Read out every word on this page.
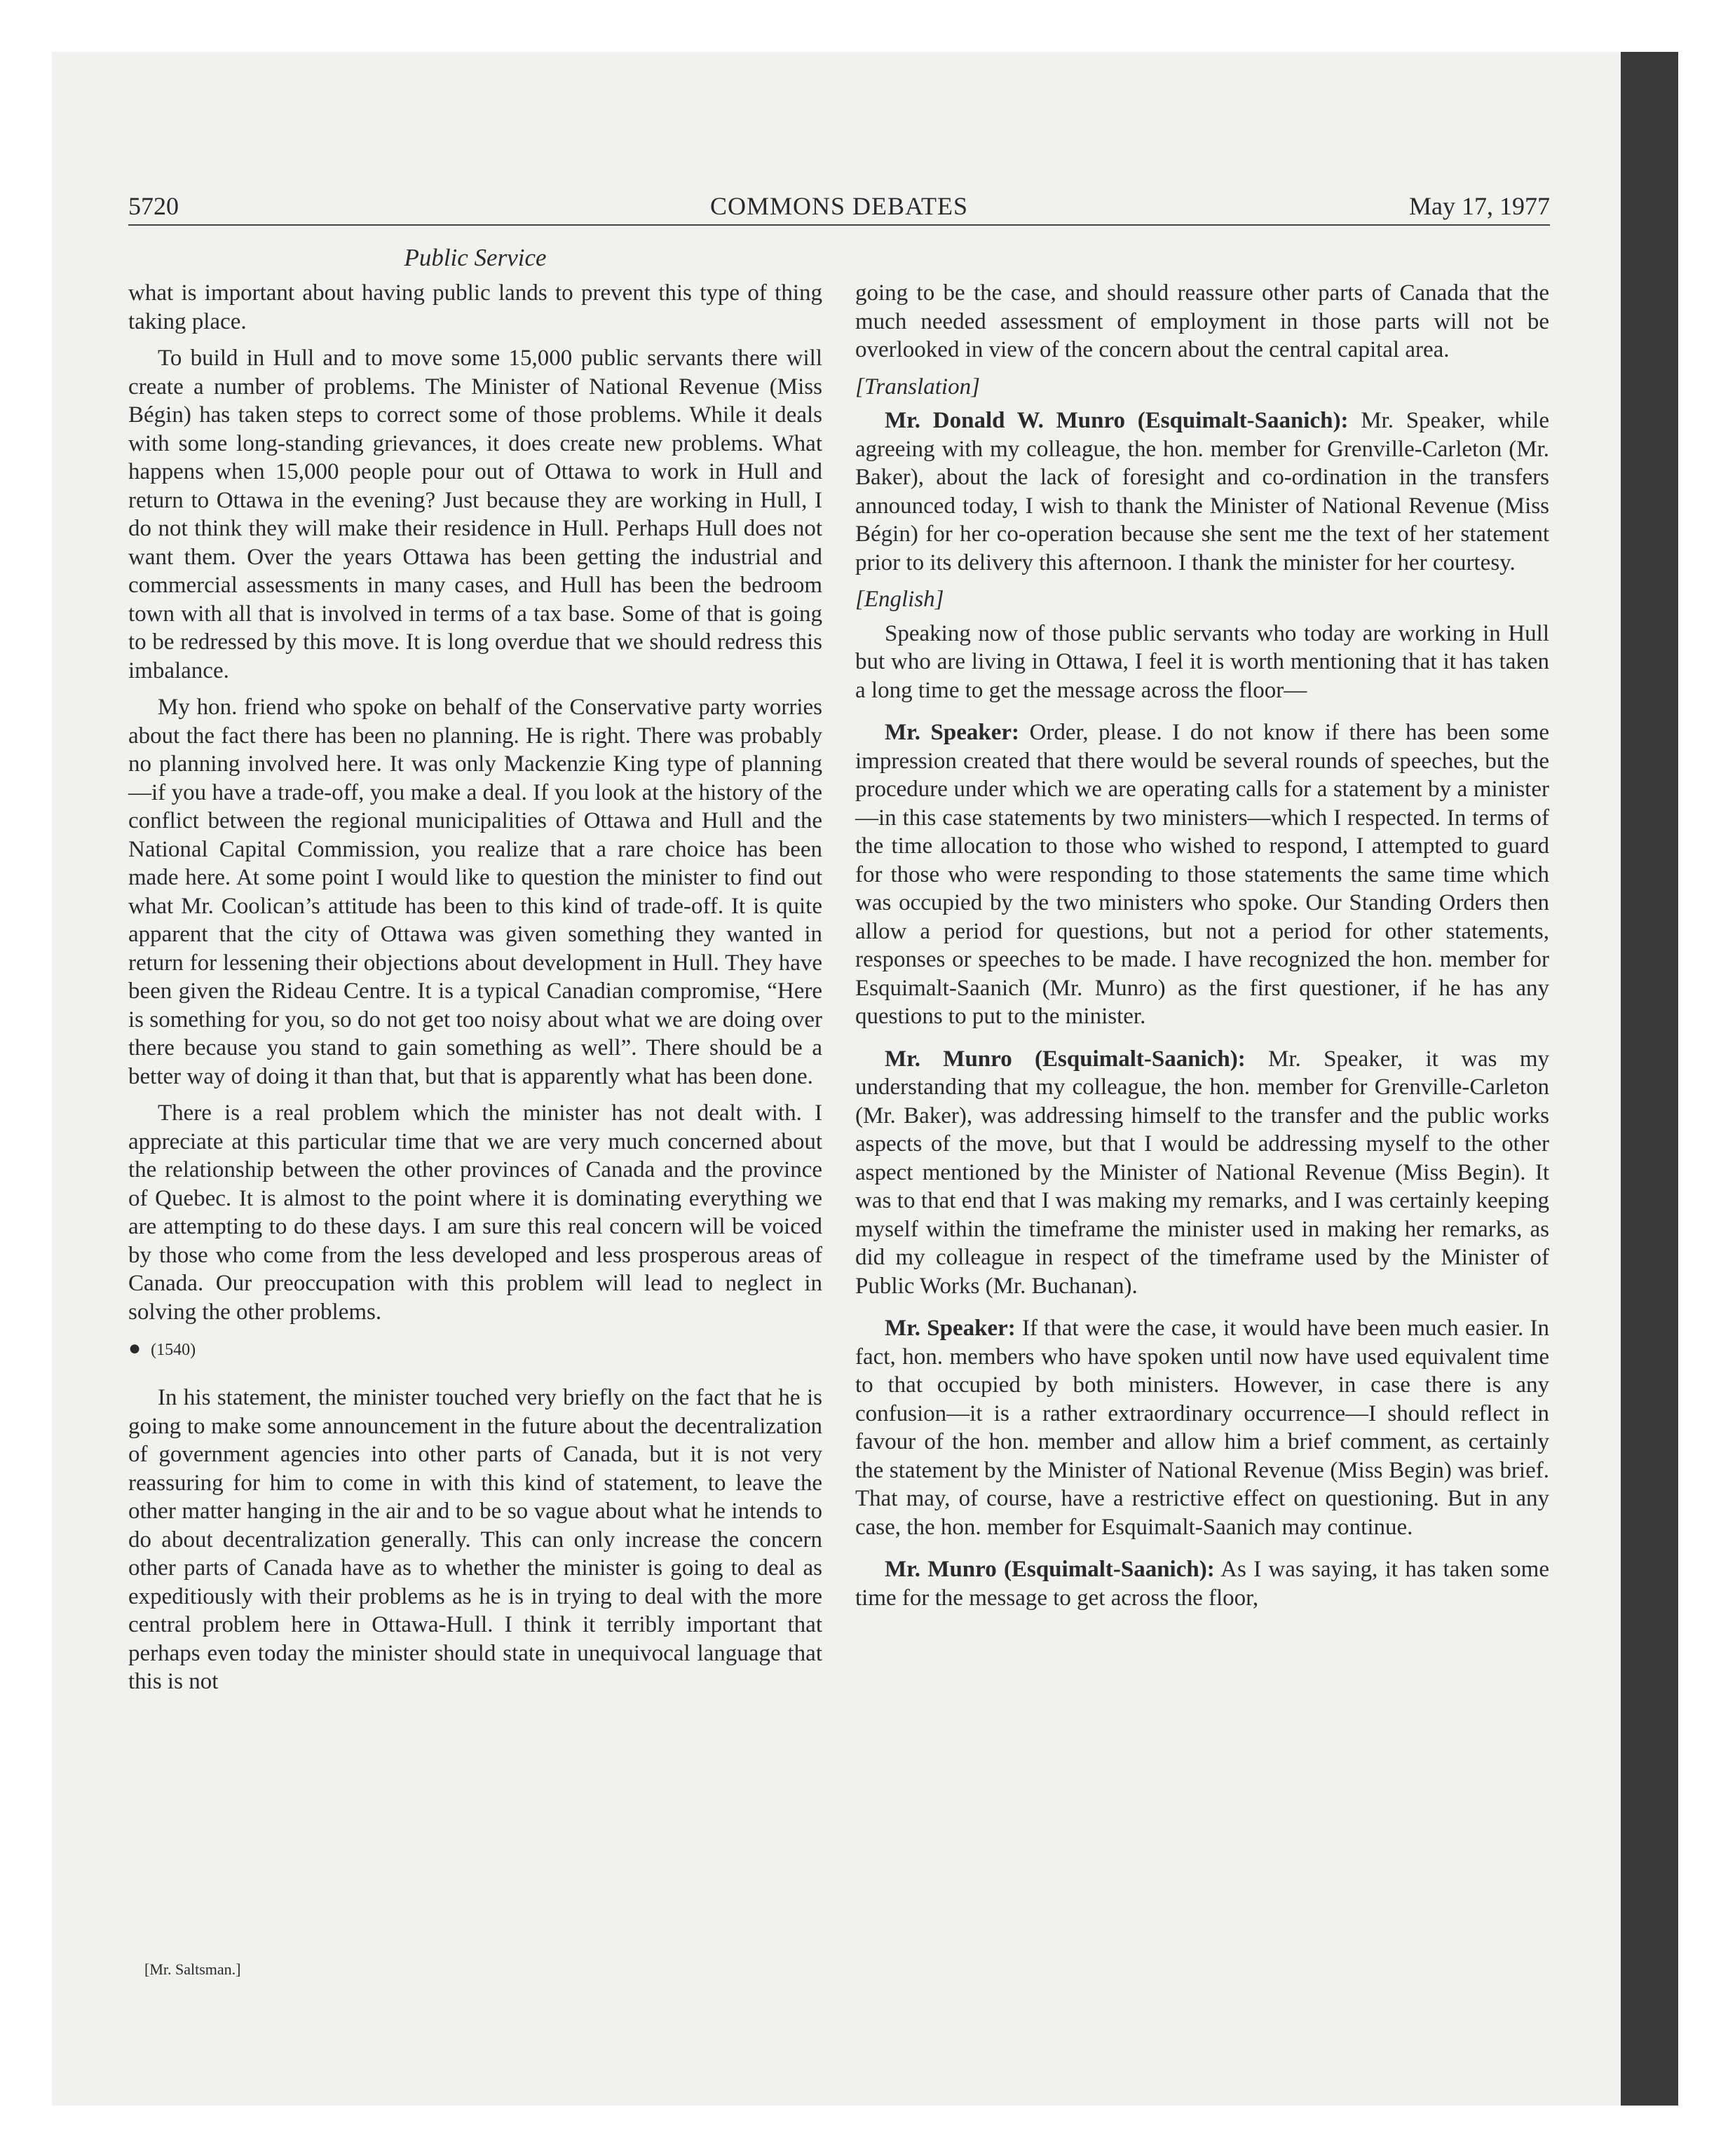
5720	COMMONS DEBATES	May 17, 1977
Public Service

what is important about having public lands to prevent this type of thing taking place.

To build in Hull and to move some 15,000 public servants there will create a number of problems. The Minister of National Revenue (Miss Bégin) has taken steps to correct some of those problems. While it deals with some long-standing grievances, it does create new problems. What happens when 15,000 people pour out of Ottawa to work in Hull and return to Ottawa in the evening? Just because they are working in Hull, I do not think they will make their residence in Hull. Perhaps Hull does not want them. Over the years Ottawa has been getting the industrial and commercial assessments in many cases, and Hull has been the bedroom town with all that is involved in terms of a tax base. Some of that is going to be redressed by this move. It is long overdue that we should redress this imbalance.

My hon. friend who spoke on behalf of the Conservative party worries about the fact there has been no planning. He is right. There was probably no planning involved here. It was only Mackenzie King type of planning—if you have a trade-off, you make a deal. If you look at the history of the conflict between the regional municipalities of Ottawa and Hull and the National Capital Commission, you realize that a rare choice has been made here. At some point I would like to question the minister to find out what Mr. Coolican’s attitude has been to this kind of trade-off. It is quite apparent that the city of Ottawa was given something they wanted in return for lessening their objections about development in Hull. They have been given the Rideau Centre. It is a typical Canadian compromise, “Here is something for you, so do not get too noisy about what we are doing over there because you stand to gain something as well”. There should be a better way of doing it than that, but that is apparently what has been done.

There is a real problem which the minister has not dealt with. I appreciate at this particular time that we are very much concerned about the relationship between the other provinces of Canada and the province of Quebec. It is almost to the point where it is dominating everything we are attempting to do these days. I am sure this real concern will be voiced by those who come from the less developed and less prosperous areas of Canada. Our preoccupation with this problem will lead to neglect in solving the other problems.

● (1540)

In his statement, the minister touched very briefly on the fact that he is going to make some announcement in the future about the decentralization of government agencies into other parts of Canada, but it is not very reassuring for him to come in with this kind of statement, to leave the other matter hanging in the air and to be so vague about what he intends to do about decentralization generally. This can only increase the concern other parts of Canada have as to whether the minister is going to deal as expeditiously with their problems as he is in trying to deal with the more central problem here in Ottawa-Hull. I think it terribly important that perhaps even today the minister should state in unequivocal language that this is not

[Mr. Saltsman.]

going to be the case, and should reassure other parts of Canada that the much needed assessment of employment in those parts will not be overlooked in view of the concern about the central capital area.

[Translation]

Mr. Donald W. Munro (Esquimalt-Saanich): Mr. Speaker, while agreeing with my colleague, the hon. member for Grenville-Carleton (Mr. Baker), about the lack of foresight and co-ordination in the transfers announced today, I wish to thank the Minister of National Revenue (Miss Bégin) for her co-operation because she sent me the text of her statement prior to its delivery this afternoon. I thank the minister for her courtesy.

[English]

Speaking now of those public servants who today are working in Hull but who are living in Ottawa, I feel it is worth mentioning that it has taken a long time to get the message across the floor—

Mr. Speaker: Order, please. I do not know if there has been some impression created that there would be several rounds of speeches, but the procedure under which we are operating calls for a statement by a minister—in this case statements by two ministers—which I respected. In terms of the time allocation to those who wished to respond, I attempted to guard for those who were responding to those statements the same time which was occupied by the two ministers who spoke. Our Standing Orders then allow a period for questions, but not a period for other statements, responses or speeches to be made. I have recognized the hon. member for Esquimalt-Saanich (Mr. Munro) as the first questioner, if he has any questions to put to the minister.

Mr. Munro (Esquimalt-Saanich): Mr. Speaker, it was my understanding that my colleague, the hon. member for Grenville-Carleton (Mr. Baker), was addressing himself to the transfer and the public works aspects of the move, but that I would be addressing myself to the other aspect mentioned by the Minister of National Revenue (Miss Begin). It was to that end that I was making my remarks, and I was certainly keeping myself within the timeframe the minister used in making her remarks, as did my colleague in respect of the timeframe used by the Minister of Public Works (Mr. Buchanan).

Mr. Speaker: If that were the case, it would have been much easier. In fact, hon. members who have spoken until now have used equivalent time to that occupied by both ministers. However, in case there is any confusion—it is a rather extraordinary occurrence—I should reflect in favour of the hon. member and allow him a brief comment, as certainly the statement by the Minister of National Revenue (Miss Begin) was brief. That may, of course, have a restrictive effect on questioning. But in any case, the hon. member for Esquimalt-Saanich may continue.

Mr. Munro (Esquimalt-Saanich): As I was saying, it has taken some time for the message to get across the floor,
